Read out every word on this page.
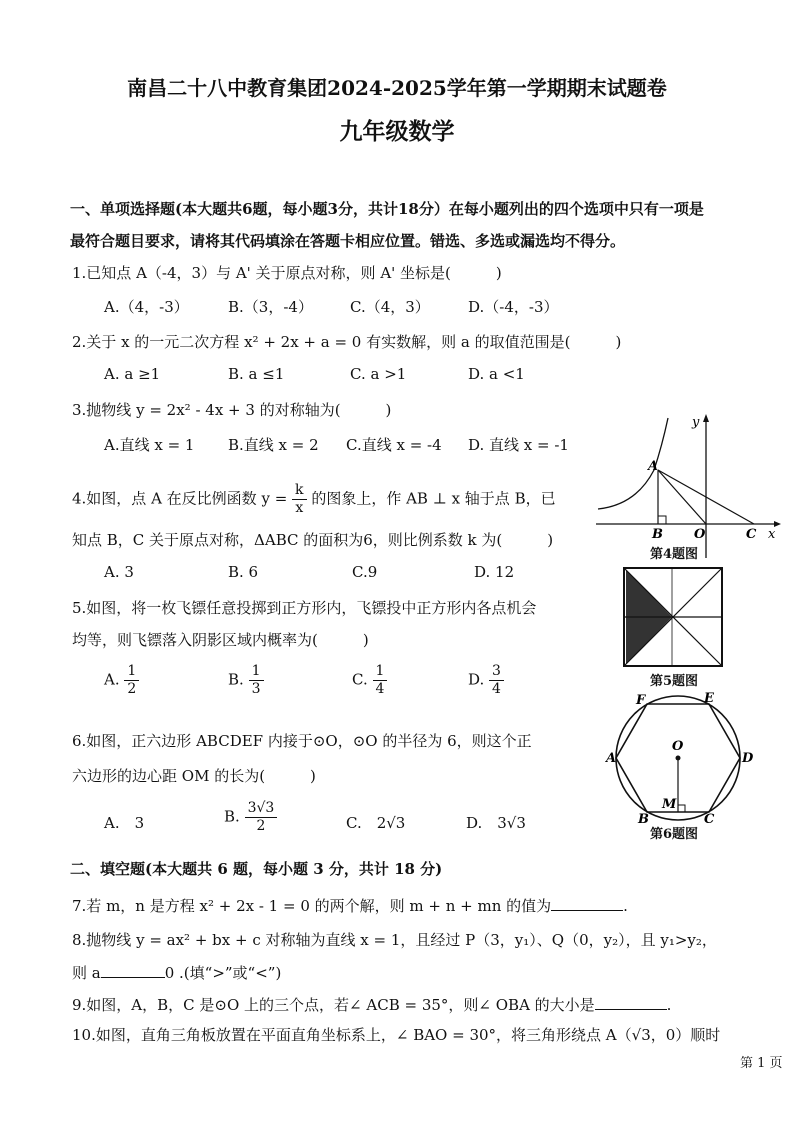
南昌二十八中教育集团2024-2025学年第一学期期末试题卷
九年级数学
一、单项选择题(本大题共6题，每小题3分，共计18分）在每小题列出的四个选项中只有一项是
最符合题目要求，请将其代码填涂在答题卡相应位置。错选、多选或漏选均不得分。
1.已知点 A（-4，3）与 A' 关于原点对称，则 A' 坐标是(　　　)
A.（4，-3）	B.（3，-4） C.（4，3）	D.（-4，-3）
2.关于 x 的一元二次方程 x² + 2x + a = 0 有实数解，则 a 的取值范围是(　　　)
A. a ≥1	B. a ≤1	C. a >1	D. a <1
3.抛物线 y = 2x² - 4x + 3 的对称轴为(　　　)
A.直线 x = 1 B.直线 x = 2 C.直线 x = -4 D. 直线 x = -1
4.如图，点 A 在反比例函数 $y = \frac{k}{x}$ 的图象上，作 AB ⊥ x 轴于点 B，已
知点 B，C 关于原点对称，ΔABC 的面积为6，则比例系数 k 为(　　　)
A. 3	B. 6	C.9	D. 12
y
A
B O	C x
第4题图
5.如图，将一枚飞镖任意投掷到正方形内，飞镖投中正方形内各点机会
均等，则飞镖落入阴影区域内概率为(　　　)
A. $\frac{1}{2}$	B. $\frac{1}{3}$	C. $\frac{1}{4}$	D. $\frac{3}{4}$	第5题图
6.如图，正六边形 ABCDEF 内接于⊙O，⊙O 的半径为 6，则这个正
六边形的边心距 OM 的长为(　　　)
A.　3	B. $\frac{3√3}{2}$	C.　2√3	D.　3√3
F	E
O
A	D
M
B	C
第6题图
二、填空题(本大题共 6 题，每小题 3 分，共计 18 分)
7.若 m，n 是方程 x² + 2x - 1 = 0 的两个解，则 m + n + mn 的值为	.
8.抛物线 y = ax² + bx + c 对称轴为直线 x = 1，且经过 P（3，y₁）、Q（0，y₂），且 y₁>y₂，
则 a	0 .(填“>”或“<”)
9.如图，A，B，C 是⊙O 上的三个点，若∠ ACB = 35°，则∠ OBA 的大小是	.
10.如图，直角三角板放置在平面直角坐标系上，∠ BAO = 30°，将三角形绕点 A（√3，0）顺时
第 1 页
